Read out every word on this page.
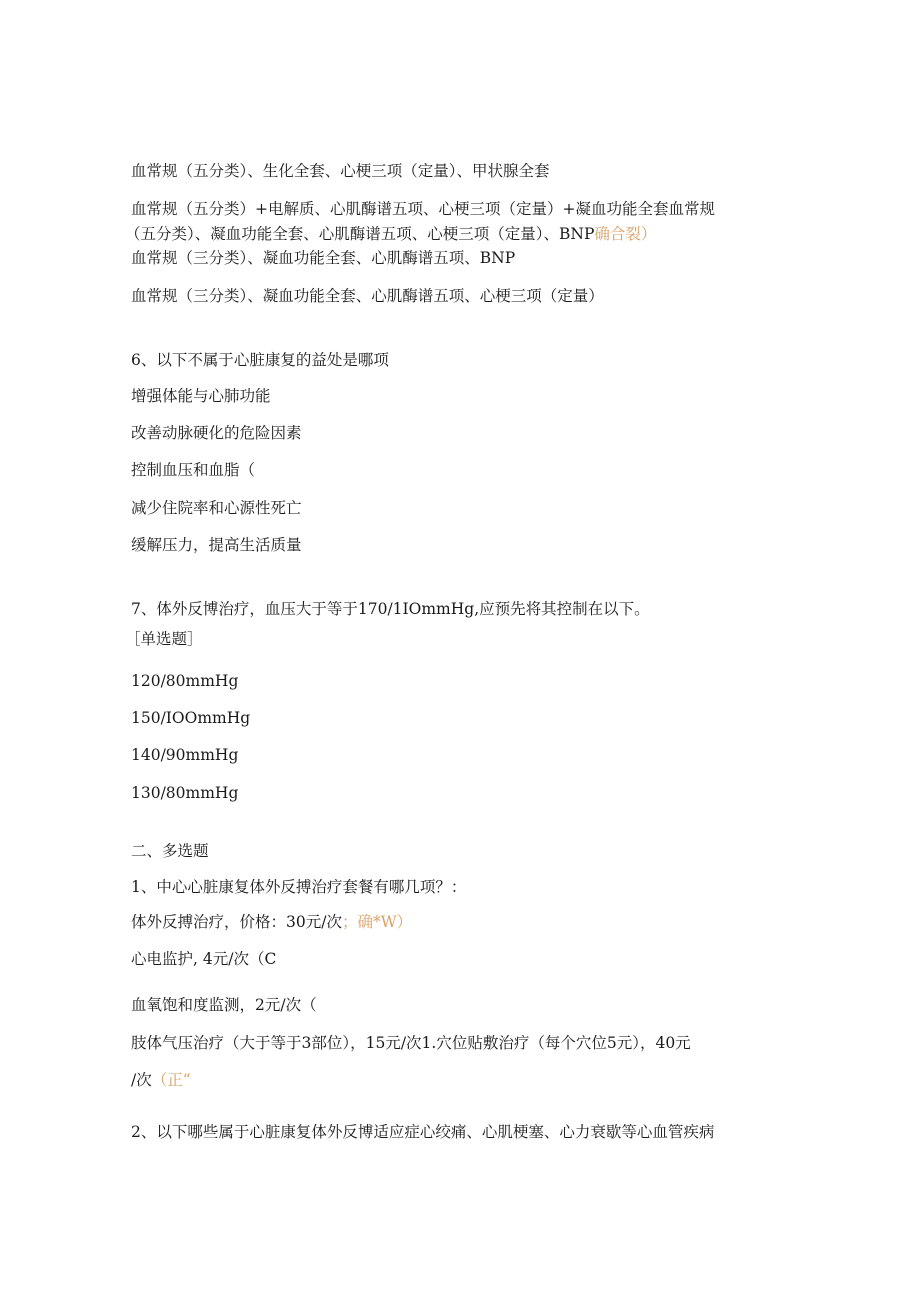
血常规（五分类）、生化全套、心梗三项（定量）、甲状腺全套
血常规（五分类）+电解质、心肌酶谱五项、心梗三项（定量）+凝血功能全套血常规
（五分类）、凝血功能全套、心肌酶谱五项、心梗三项（定量）、BNP确合裂）
血常规（三分类）、凝血功能全套、心肌酶谱五项、BNP
血常规（三分类）、凝血功能全套、心肌酶谱五项、心梗三项（定量）
6、以下不属于心脏康复的益处是哪项
增强体能与心肺功能
改善动脉硬化的危险因素
控制血压和血脂（
减少住院率和心源性死亡
缓解压力，提高生活质量
7、体外反博治疗，血压大于等于170/1IOmmHg,应预先将其控制在以下。
［单选题］
120/80mmHg
150/IOOmmHg
140/90mmHg
130/80mmHg
二、多选题
1、中心心脏康复体外反搏治疗套餐有哪几项？：
体外反搏治疗，价格：30元/次；确*W）
心电监护, 4元/次（C
血氧饱和度监测，2元/次（
肢体气压治疗（大于等于3部位），15元/次1.穴位贴敷治疗（每个穴位5元），40元
/次（正“
2、以下哪些属于心脏康复体外反博适应症心绞痛、心肌梗塞、心力衰歇等心血管疾病
